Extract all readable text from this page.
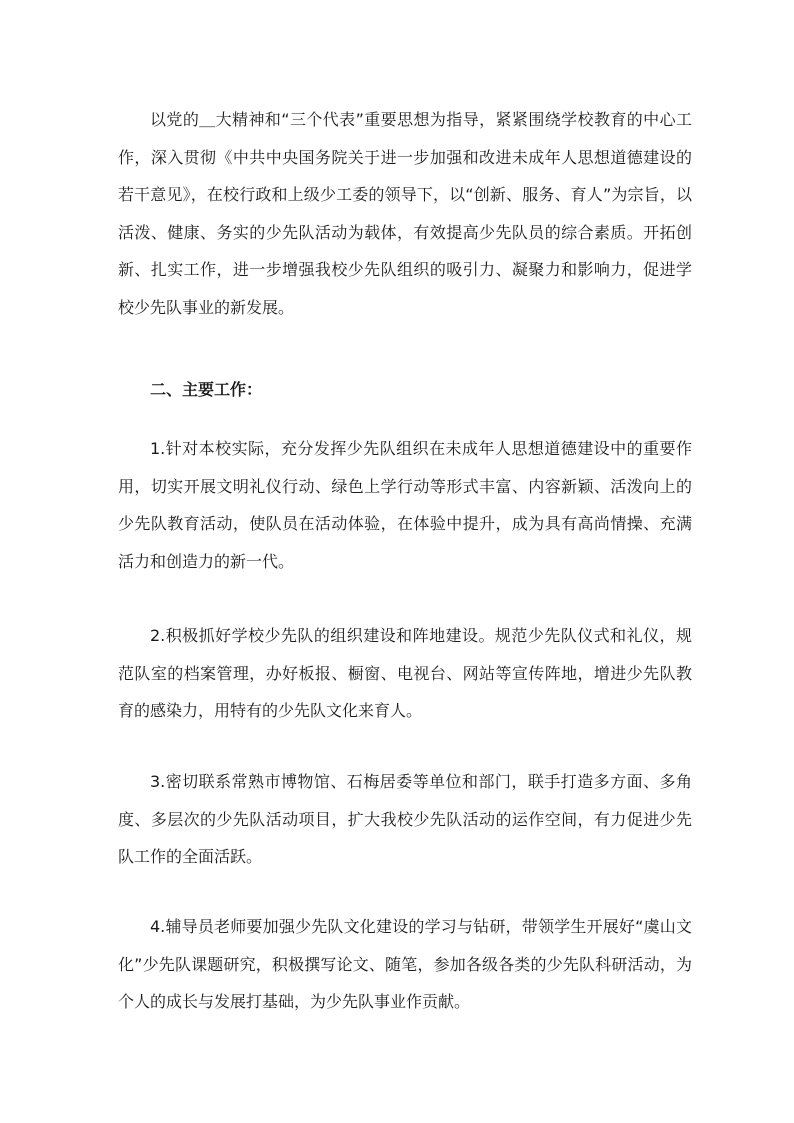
以党的＿大精神和“三个代表”重要思想为指导，紧紧围绕学校教育的中心工作，深入贯彻《中共中央国务院关于进一步加强和改进未成年人思想道德建设的若干意见》，在校行政和上级少工委的领导下，以“创新、服务、育人”为宗旨，以活泼、健康、务实的少先队活动为载体，有效提高少先队员的综合素质。开拓创新、扎实工作，进一步增强我校少先队组织的吸引力、凝聚力和影响力，促进学校少先队事业的新发展。

二、主要工作：

1.针对本校实际，充分发挥少先队组织在未成年人思想道德建设中的重要作用，切实开展文明礼仪行动、绿色上学行动等形式丰富、内容新颖、活泼向上的少先队教育活动，使队员在活动体验，在体验中提升，成为具有高尚情操、充满活力和创造力的新一代。

2.积极抓好学校少先队的组织建设和阵地建设。规范少先队仪式和礼仪，规范队室的档案管理，办好板报、橱窗、电视台、网站等宣传阵地，增进少先队教育的感染力，用特有的少先队文化来育人。

3.密切联系常熟市博物馆、石梅居委等单位和部门，联手打造多方面、多角度、多层次的少先队活动项目，扩大我校少先队活动的运作空间，有力促进少先队工作的全面活跃。

4.辅导员老师要加强少先队文化建设的学习与钻研，带领学生开展好“虞山文化”少先队课题研究，积极撰写论文、随笔，参加各级各类的少先队科研活动，为个人的成长与发展打基础，为少先队事业作贡献。
